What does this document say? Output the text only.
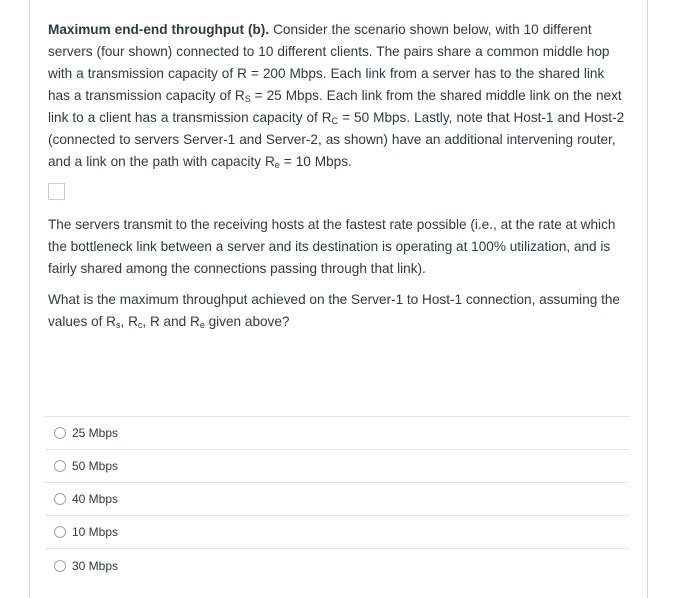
Maximum end-end throughput (b). Consider the scenario shown below, with 10 different servers (four shown) connected to 10 different clients. The pairs share a common middle hop with a transmission capacity of R = 200 Mbps. Each link from a server has to the shared link has a transmission capacity of $R_S = 25$ Mbps. Each link from the shared middle link on the next link to a client has a transmission capacity of $R_C = 50$ Mbps. Lastly, note that Host-1 and Host-2 (connected to servers Server-1 and Server-2, as shown) have an additional intervening router, and a link on the path with capacity $R_e = 10$ Mbps.

The servers transmit to the receiving hosts at the fastest rate possible (i.e., at the rate at which the bottleneck link between a server and its destination is operating at 100% utilization, and is fairly shared among the connections passing through that link).

What is the maximum throughput achieved on the Server-1 to Host-1 connection, assuming the values of $R_s$, $R_c$, R and $R_e$ given above?

25 Mbps
50 Mbps
40 Mbps
10 Mbps
30 Mbps
